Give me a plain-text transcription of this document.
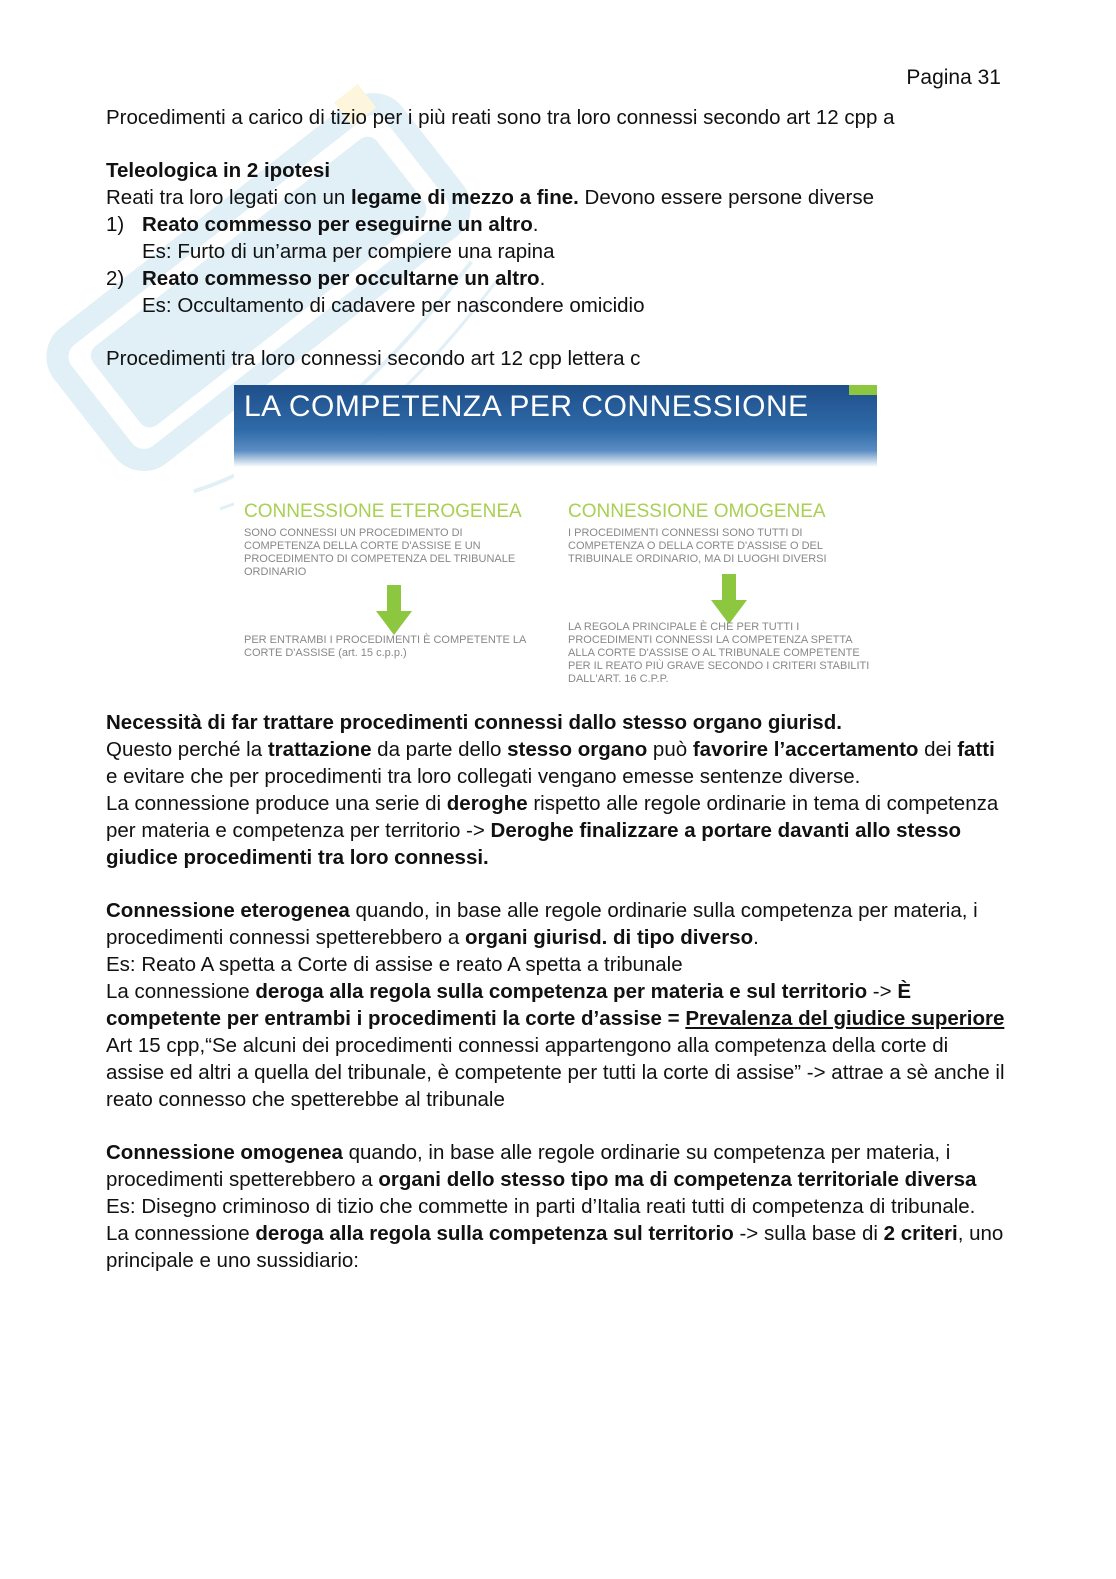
Pagina 31

Procedimenti a carico di tizio per i più reati sono tra loro connessi secondo art 12 cpp a

Teleologica in 2 ipotesi

Reati tra loro legati con un legame di mezzo a fine. Devono essere persone diverse

1) Reato commesso per eseguirne un altro.

Es: Furto di un’arma per compiere una rapina

2) Reato commesso per occultarne un altro.

Es: Occultamento di cadavere per nascondere omicidio

Procedimenti tra loro connessi secondo art 12 cpp lettera c

LA COMPETENZA PER CONNESSIONE
CONNESSIONE ETEROGENEA
SONO CONNESSI UN PROCEDIMENTO DI COMPETENZA DELLA CORTE D'ASSISE E UN PROCEDIMENTO DI COMPETENZA DEL TRIBUNALE ORDINARIO
CONNESSIONE OMOGENEA
I PROCEDIMENTI CONNESSI SONO TUTTI DI COMPETENZA O DELLA CORTE D'ASSISE O DEL TRIBUINALE ORDINARIO, MA DI LUOGHI DIVERSI
PER ENTRAMBI I PROCEDIMENTI È COMPETENTE LA CORTE D'ASSISE (art. 15 c.p.p.)
LA REGOLA PRINCIPALE È CHE PER TUTTI I PROCEDIMENTI CONNESSI LA COMPETENZA SPETTA ALLA CORTE D'ASSISE O AL TRIBUNALE COMPETENTE PER IL REATO PIÙ GRAVE SECONDO I CRITERI STABILITI DALL'ART. 16 C.P.P.

Necessità di far trattare procedimenti connessi dallo stesso organo giurisd.

Questo perché la trattazione da parte dello stesso organo può favorire l’accertamento dei fatti e evitare che per procedimenti tra loro collegati vengano emesse sentenze diverse.

La connessione produce una serie di deroghe rispetto alle regole ordinarie in tema di competenza per materia e competenza per territorio -> Deroghe finalizzare a portare davanti allo stesso giudice procedimenti tra loro connessi.

Connessione eterogenea quando, in base alle regole ordinarie sulla competenza per materia, i procedimenti connessi spetterebbero a organi giurisd. di tipo diverso.

Es: Reato A spetta a Corte di assise e reato A spetta a tribunale

La connessione deroga alla regola sulla competenza per materia e sul territorio -> È competente per entrambi i procedimenti la corte d’assise = Prevalenza del giudice superiore

Art 15 cpp,“Se alcuni dei procedimenti connessi appartengono alla competenza della corte di assise ed altri a quella del tribunale, è competente per tutti la corte di assise” -> attrae a sè anche il reato connesso che spetterebbe al tribunale

Connessione omogenea quando, in base alle regole ordinarie su competenza per materia, i procedimenti spetterebbero a organi dello stesso tipo ma di competenza territoriale diversa

Es: Disegno criminoso di tizio che commette in parti d’Italia reati tutti di competenza di tribunale.

La connessione deroga alla regola sulla competenza sul territorio -> sulla base di 2 criteri, uno principale e uno sussidiario:
